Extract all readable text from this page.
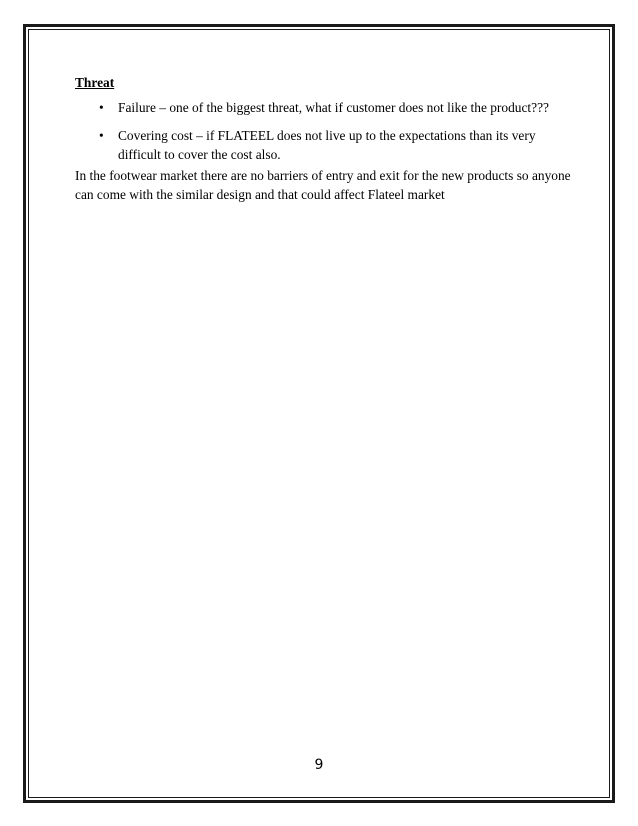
Threat
• Failure – one of the biggest threat, what if customer does not like the product???
• Covering cost – if FLATEEL does not live up to the expectations than its very difficult to cover the cost also.

In the footwear market there are no barriers of entry and exit for the new products so anyone can come with the similar design and that could affect Flateel market

9
